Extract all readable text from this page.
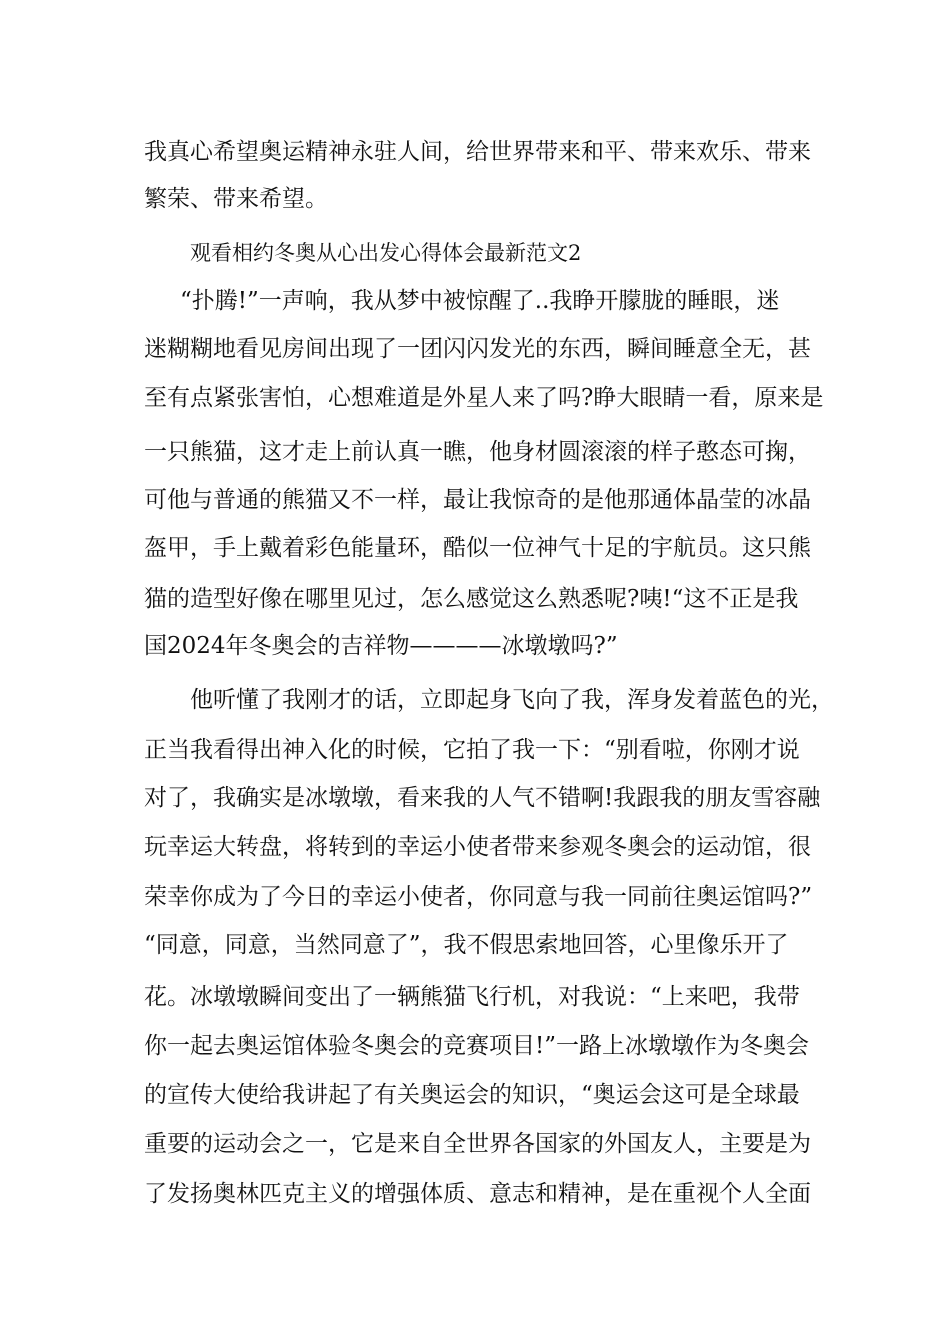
我真心希望奥运精神永驻人间，给世界带来和平、带来欢乐、带来

繁荣、带来希望。

观看相约冬奥从心出发心得体会最新范文2

“扑腾!”一声响，我从梦中被惊醒了..我睁开朦胧的睡眼，迷

迷糊糊地看见房间出现了一团闪闪发光的东西，瞬间睡意全无，甚

至有点紧张害怕，心想难道是外星人来了吗?睁大眼睛一看，原来是

一只熊猫，这才走上前认真一瞧，他身材圆滚滚的样子憨态可掬，

可他与普通的熊猫又不一样，最让我惊奇的是他那通体晶莹的冰晶

盔甲，手上戴着彩色能量环，酷似一位神气十足的宇航员。这只熊

猫的造型好像在哪里见过，怎么感觉这么熟悉呢?咦!“这不正是我

国2024年冬奥会的吉祥物————冰墩墩吗?”

他听懂了我刚才的话，立即起身飞向了我，浑身发着蓝色的光，

正当我看得出神入化的时候，它拍了我一下：“别看啦，你刚才说

对了，我确实是冰墩墩，看来我的人气不错啊!我跟我的朋友雪容融

玩幸运大转盘，将转到的幸运小使者带来参观冬奥会的运动馆，很

荣幸你成为了今日的幸运小使者，你同意与我一同前往奥运馆吗?”

“同意，同意，当然同意了”，我不假思索地回答，心里像乐开了

花。冰墩墩瞬间变出了一辆熊猫飞行机，对我说：“上来吧，我带

你一起去奥运馆体验冬奥会的竞赛项目!”一路上冰墩墩作为冬奥会

的宣传大使给我讲起了有关奥运会的知识，“奥运会这可是全球最

重要的运动会之一，它是来自全世界各国家的外国友人，主要是为

了发扬奥林匹克主义的增强体质、意志和精神，是在重视个人全面
